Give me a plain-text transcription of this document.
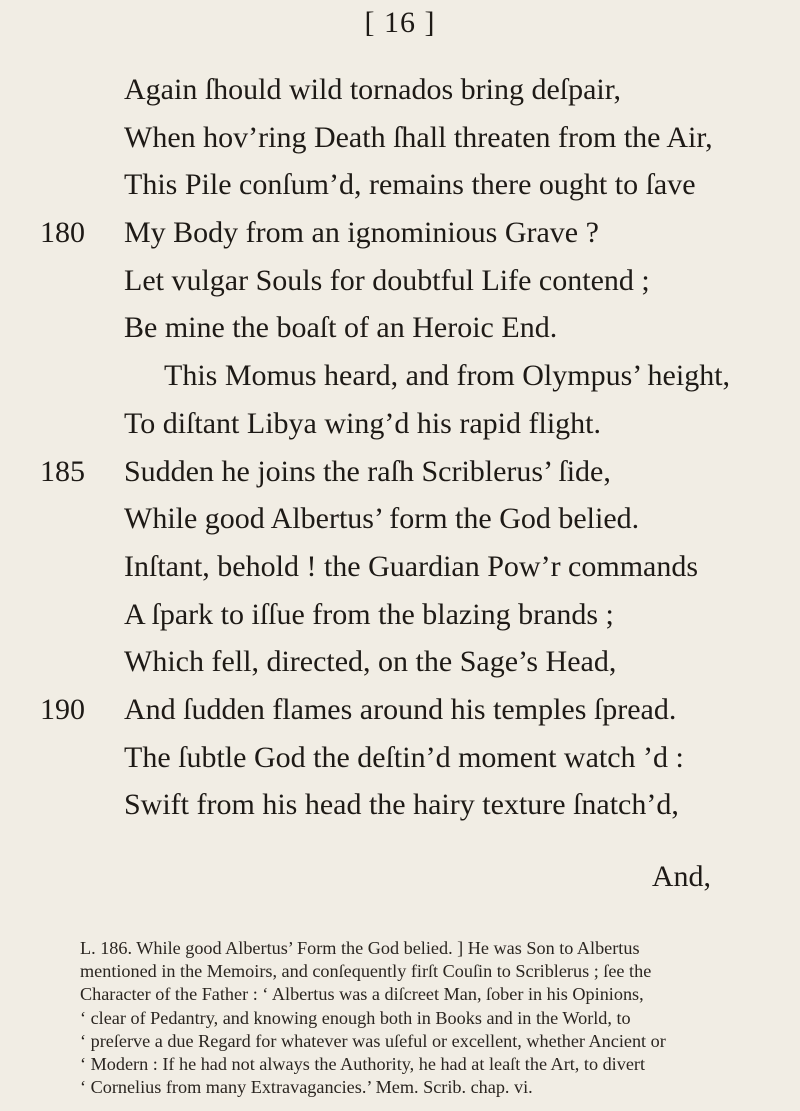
[ 16 ]
Again ſhould wild tornados bring deſpair,
When hov’ring Death ſhall threaten from the Air,
This Pile conſum’d, remains there ought to ſave
180 My Body from an ignominious Grave ?
Let vulgar Souls for doubtful Life contend ;
Be mine the boaſt of an Heroic End.
This Momus heard, and from Olympus’ height,
To diſtant Libya wing’d his rapid flight.
185 Sudden he joins the raſh Scriblerus’ ſide,
While good Albertus’ form the God belied.
Inſtant, behold ! the Guardian Pow’r commands
A ſpark to iſſue from the blazing brands ;
Which fell, directed, on the Sage’s Head,
190 And ſudden flames around his temples ſpread.
The ſubtle God the deſtin’d moment watch ’d :
Swift from his head the hairy texture ſnatch’d,
And,
L. 186. While good Albertus’ Form the God belied. ] He was Son to Albertus
mentioned in the Memoirs, and conſequently firſt Couſin to Scriblerus ; ſee the
Character of the Father : ‘ Albertus was a diſcreet Man, ſober in his Opinions,
‘ clear of Pedantry, and knowing enough both in Books and in the World, to
‘ preſerve a due Regard for whatever was uſeful or excellent, whether Ancient or
‘ Modern : If he had not always the Authority, he had at leaſt the Art, to divert
‘ Cornelius from many Extravagancies.’ Mem. Scrib. chap. vi.
